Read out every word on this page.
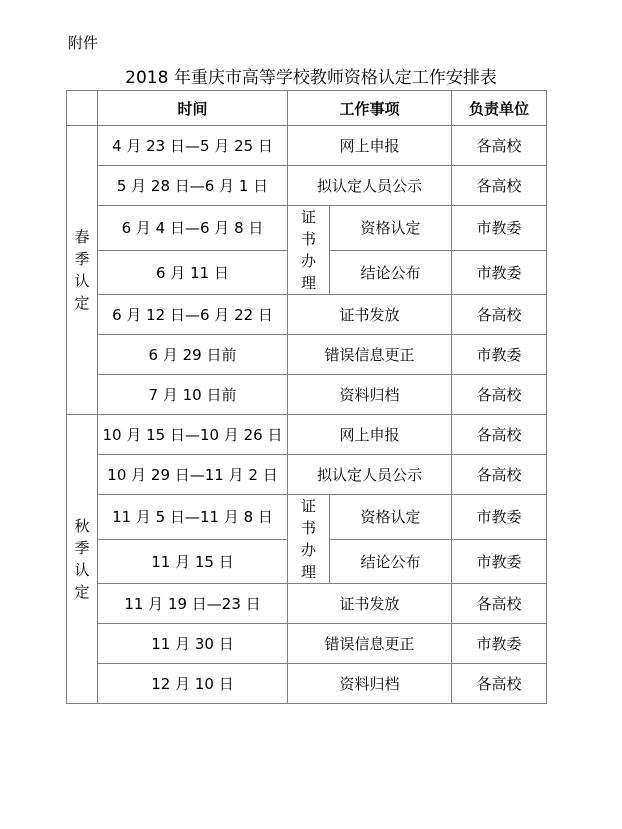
附件
2018 年重庆市高等学校教师资格认定工作安排表
	时间	工作事项		负责单位
春季认定	4 月 23 日—5 月 25 日	网上申报		各高校
	5 月 28 日—6 月 1 日	拟认定人员公示		各高校
	6 月 4 日—6 月 8 日	证书办理	资格认定	市教委
	6 月 11 日		结论公布	市教委
	6 月 12 日—6 月 22 日	证书发放		各高校
	6 月 29 日前	错误信息更正		市教委
	7 月 10 日前	资料归档		各高校
秋季认定	10 月 15 日—10 月 26 日	网上申报		各高校
	10 月 29 日—11 月 2 日	拟认定人员公示		各高校
	11 月 5 日—11 月 8 日	证书办理	资格认定	市教委
	11 月 15 日		结论公布	市教委
	11 月 19 日—23 日	证书发放		各高校
	11 月 30 日	错误信息更正		市教委
	12 月 10 日	资料归档		各高校
